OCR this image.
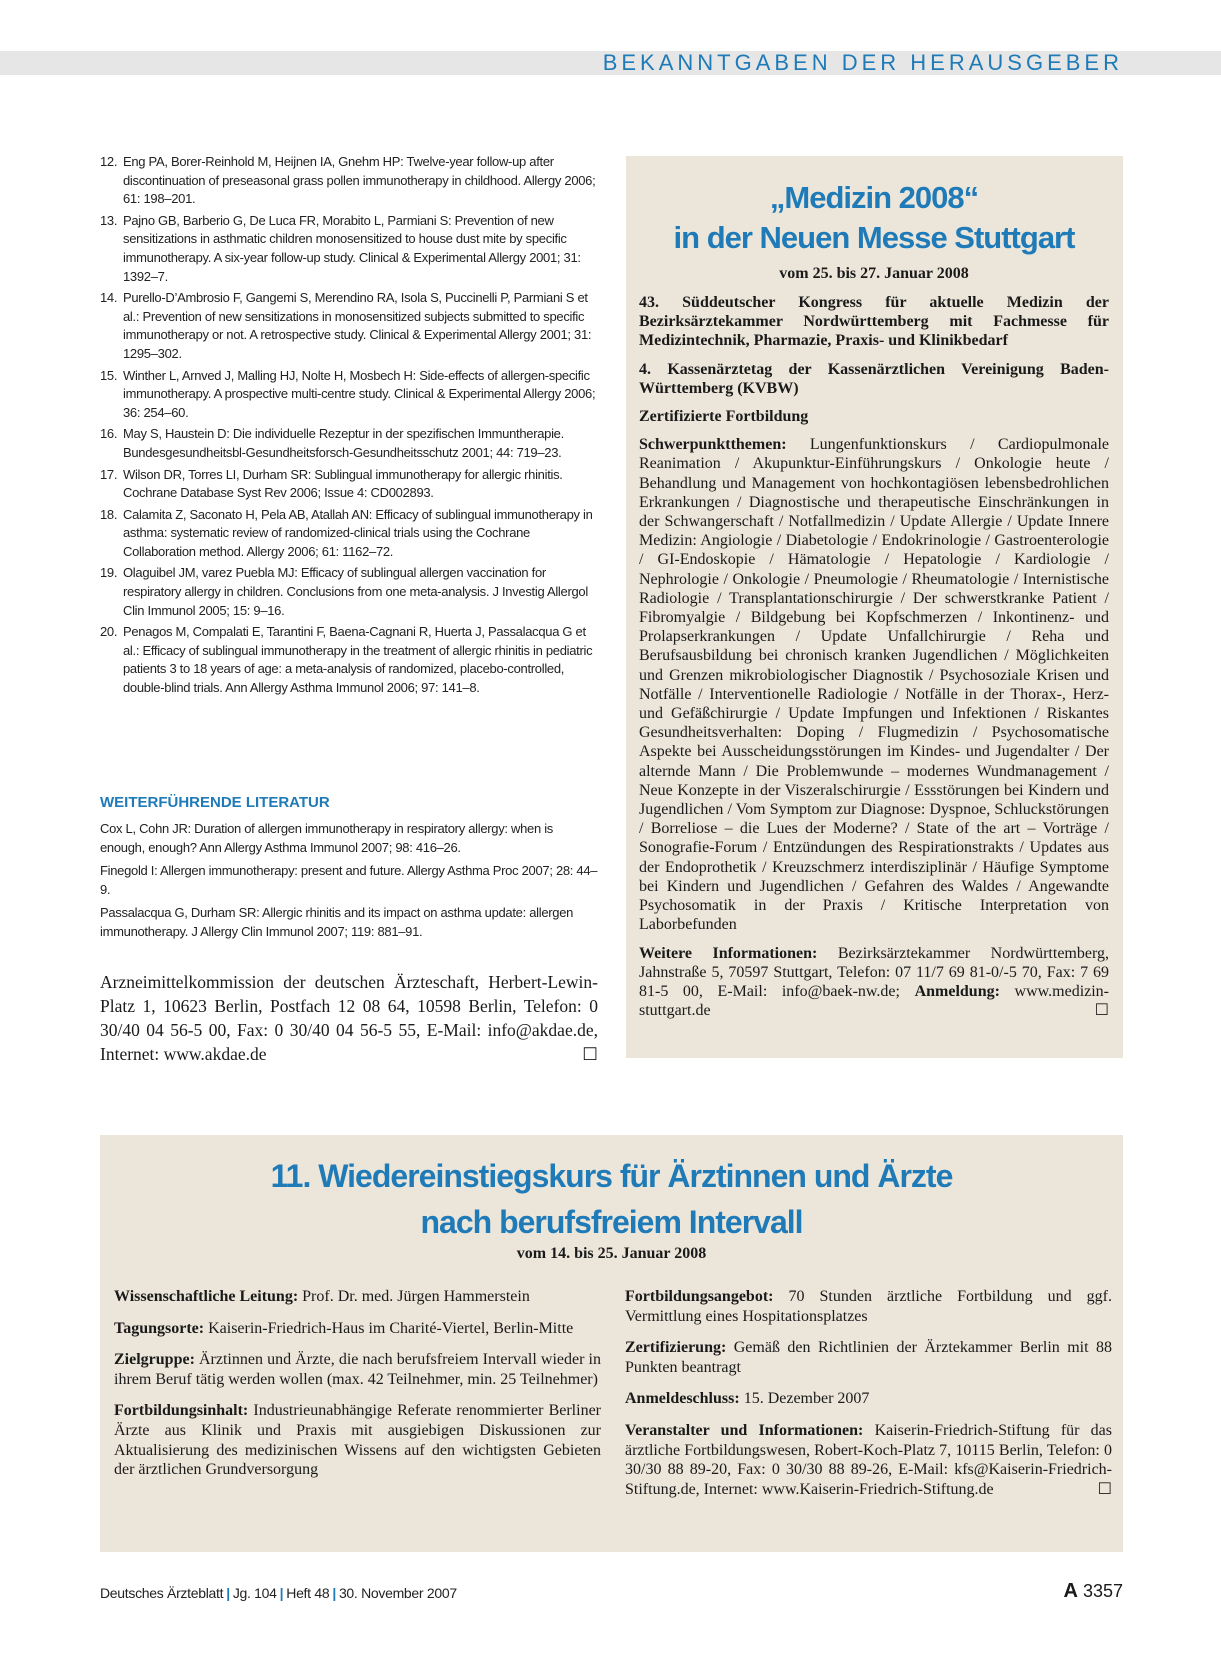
BEKANNTGABEN DER HERAUSGEBER
12. Eng PA, Borer-Reinhold M, Heijnen IA, Gnehm HP: Twelve-year follow-up after discontinuation of preseasonal grass pollen immunotherapy in childhood. Allergy 2006; 61: 198–201.
13. Pajno GB, Barberio G, De Luca FR, Morabito L, Parmiani S: Prevention of new sensitizations in asthmatic children monosensitized to house dust mite by specific immunotherapy. A six-year follow-up study. Clinical & Experimental Allergy 2001; 31: 1392–7.
14. Purello-D’Ambrosio F, Gangemi S, Merendino RA, Isola S, Puccinelli P, Parmiani S et al.: Prevention of new sensitizations in monosensitized subjects submitted to specific immunotherapy or not. A retrospective study. Clinical & Experimental Allergy 2001; 31: 1295–302.
15. Winther L, Arnved J, Malling HJ, Nolte H, Mosbech H: Side-effects of allergen-specific immunotherapy. A prospective multi-centre study. Clinical & Experimental Allergy 2006; 36: 254–60.
16. May S, Haustein D: Die individuelle Rezeptur in der spezifischen Immuntherapie. Bundesgesundheitsbl-Gesundheitsforsch-Gesundheitsschutz 2001; 44: 719–23.
17. Wilson DR, Torres LI, Durham SR: Sublingual immunotherapy for allergic rhinitis. Cochrane Database Syst Rev 2006; Issue 4: CD002893.
18. Calamita Z, Saconato H, Pela AB, Atallah AN: Efficacy of sublingual immunotherapy in asthma: systematic review of randomized-clinical trials using the Cochrane Collaboration method. Allergy 2006; 61: 1162–72.
19. Olaguibel JM, varez Puebla MJ: Efficacy of sublingual allergen vaccination for respiratory allergy in children. Conclusions from one meta-analysis. J Investig Allergol Clin Immunol 2005; 15: 9–16.
20. Penagos M, Compalati E, Tarantini F, Baena-Cagnani R, Huerta J, Passalacqua G et al.: Efficacy of sublingual immunotherapy in the treatment of allergic rhinitis in pediatric patients 3 to 18 years of age: a meta-analysis of randomized, placebo-controlled, double-blind trials. Ann Allergy Asthma Immunol 2006; 97: 141–8.
WEITERFÜHRENDE LITERATUR

Cox L, Cohn JR: Duration of allergen immunotherapy in respiratory allergy: when is enough, enough? Ann Allergy Asthma Immunol 2007; 98: 416–26.

Finegold I: Allergen immunotherapy: present and future. Allergy Asthma Proc 2007; 28: 44–9.

Passalacqua G, Durham SR: Allergic rhinitis and its impact on asthma update: allergen immunotherapy. J Allergy Clin Immunol 2007; 119: 881–91.

Arzneimittelkommission der deutschen Ärzteschaft, Herbert-Lewin-Platz 1, 10623 Berlin, Postfach 12 08 64, 10598 Berlin, Telefon: 0 30/40 04 56-5 00, Fax: 0 30/40 04 56-5 55, E-Mail: info@akdae.de, Internet: www.akdae.de	☐
„Medizin 2008“
in der Neuen Messe Stuttgart
vom 25. bis 27. Januar 2008

43. Süddeutscher Kongress für aktuelle Medizin der Bezirksärztekammer Nordwürttemberg mit Fachmesse für Medizintechnik, Pharmazie, Praxis- und Klinikbedarf

4. Kassenärztetag der Kassenärztlichen Vereinigung Baden-Württemberg (KVBW)

Zertifizierte Fortbildung

Schwerpunktthemen: Lungenfunktionskurs / Cardiopulmonale Reanimation / Akupunktur-Einführungskurs / Onkologie heute / Behandlung und Management von hochkontagiösen lebensbedrohlichen Erkrankungen / Diagnostische und therapeutische Einschränkungen in der Schwangerschaft / Notfallmedizin / Update Allergie / Update Innere Medizin: Angiologie / Diabetologie / Endokrinologie / Gastroenterologie / GI-Endoskopie / Hämatologie / Hepatologie / Kardiologie / Nephrologie / Onkologie / Pneumologie / Rheumatologie / Internistische Radiologie / Transplantationschirurgie / Der schwerstkranke Patient / Fibromyalgie / Bildgebung bei Kopfschmerzen / Inkontinenz- und Prolapserkrankungen / Update Unfallchirurgie / Reha und Berufsausbildung bei chronisch kranken Jugendlichen / Möglichkeiten und Grenzen mikrobiologischer Diagnostik / Psychosoziale Krisen und Notfälle / Interventionelle Radiologie / Notfälle in der Thorax-, Herz- und Gefäßchirurgie / Update Impfungen und Infektionen / Riskantes Gesundheitsverhalten: Doping / Flugmedizin / Psychosomatische Aspekte bei Ausscheidungsstörungen im Kindes- und Jugendalter / Der alternde Mann / Die Problemwunde – modernes Wundmanagement / Neue Konzepte in der Viszeralschirurgie / Essstörungen bei Kindern und Jugendlichen / Vom Symptom zur Diagnose: Dyspnoe, Schluckstörungen / Borreliose – die Lues der Moderne? / State of the art – Vorträge / Sonografie-Forum / Entzündungen des Respirationstrakts / Updates aus der Endoprothetik / Kreuzschmerz interdisziplinär / Häufige Symptome bei Kindern und Jugendlichen / Gefahren des Waldes / Angewandte Psychosomatik in der Praxis / Kritische Interpretation von Laborbefunden

Weitere Informationen: Bezirksärztekammer Nordwürttemberg, Jahnstraße 5, 70597 Stuttgart, Telefon: 07 11/7 69 81-0/-5 70, Fax: 7 69 81-5 00, E-Mail: info@baek-nw.de; Anmeldung: www.medizin-stuttgart.de	☐

11. Wiedereinstiegskurs für Ärztinnen und Ärzte
nach berufsfreiem Intervall
vom 14. bis 25. Januar 2008

Wissenschaftliche Leitung: Prof. Dr. med. Jürgen Hammerstein

Tagungsorte: Kaiserin-Friedrich-Haus im Charité-Viertel, Berlin-Mitte

Zielgruppe: Ärztinnen und Ärzte, die nach berufsfreiem Intervall wieder in ihrem Beruf tätig werden wollen (max. 42 Teilnehmer, min. 25 Teilnehmer)

Fortbildungsinhalt: Industrieunabhängige Referate renommierter Berliner Ärzte aus Klinik und Praxis mit ausgiebigen Diskussionen zur Aktualisierung des medizinischen Wissens auf den wichtigsten Gebieten der ärztlichen Grundversorgung

Fortbildungsangebot: 70 Stunden ärztliche Fortbildung und ggf. Vermittlung eines Hospitationsplatzes

Zertifizierung: Gemäß den Richtlinien der Ärztekammer Berlin mit 88 Punkten beantragt

Anmeldeschluss: 15. Dezember 2007

Veranstalter und Informationen: Kaiserin-Friedrich-Stiftung für das ärztliche Fortbildungswesen, Robert-Koch-Platz 7, 10115 Berlin, Telefon: 0 30/30 88 89-20, Fax: 0 30/30 88 89-26, E-Mail: kfs@Kaiserin-Friedrich-Stiftung.de, Internet: www.Kaiserin-Friedrich-Stiftung.de	☐

Deutsches Ärzteblatt | Jg. 104 | Heft 48 | 30. November 2007	A 3357
